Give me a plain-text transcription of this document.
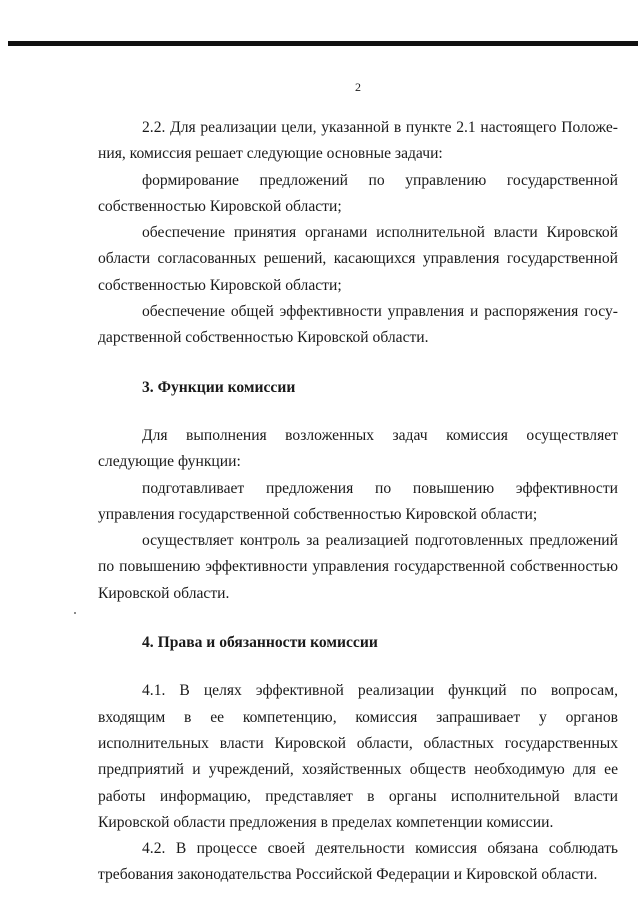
2

2.2. Для реализации цели, указанной в пункте 2.1 настоящего Положения, комиссия решает следующие основные задачи:

формирование предложений по управлению государственной собственностью Кировской области;

обеспечение принятия органами исполнительной власти Кировской области согласованных решений, касающихся управления государственной собственностью Кировской области;

обеспечение общей эффективности управления и распоряжения государственной собственностью Кировской области.

3. Функции комиссии

Для выполнения возложенных задач комиссия осуществляет следующие функции:

подготавливает предложения по повышению эффективности управления государственной собственностью Кировской области;

осуществляет контроль за реализацией подготовленных предложений по повышению эффективности управления государственной собственностью Кировской области.

4. Права и обязанности комиссии

4.1. В целях эффективной реализации функций по вопросам, входящим в ее компетенцию, комиссия запрашивает у органов исполнительных власти Кировской области, областных государственных предприятий и учреждений, хозяйственных обществ необходимую для ее работы информацию, представляет в органы исполнительной власти Кировской области предложения в пределах компетенции комиссии.

4.2. В процессе своей деятельности комиссия обязана соблюдать требования законодательства Российской Федерации и Кировской области.
